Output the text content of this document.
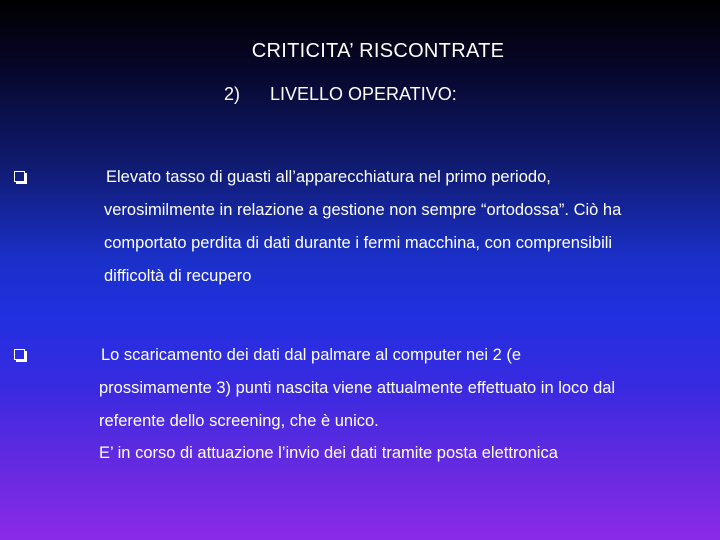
CRITICITA’ RISCONTRATE
2) LIVELLO OPERATIVO:
Elevato tasso di guasti all’apparecchiatura nel primo periodo,
verosimilmente in relazione a gestione non sempre “ortodossa”. Ciò ha
comportato perdita di dati durante i fermi macchina, con comprensibili
difficoltà di recupero
Lo scaricamento dei dati dal palmare al computer nei 2 (e
prossimamente 3) punti nascita viene attualmente effettuato in loco dal
referente dello screening, che è unico.
E’ in corso di attuazione l’invio dei dati tramite posta elettronica
